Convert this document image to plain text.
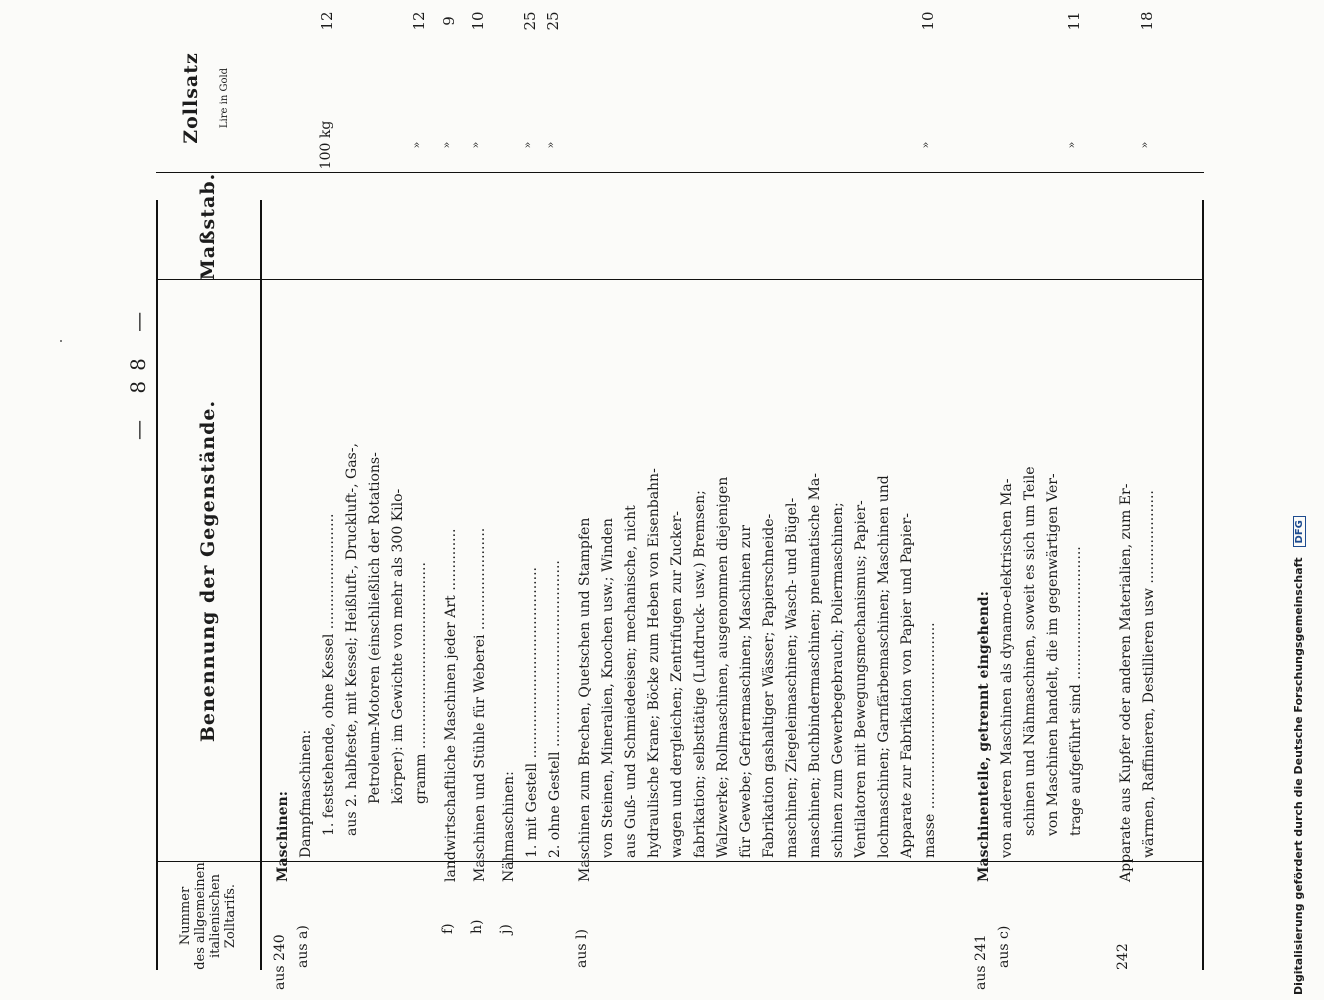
— 88 —
Nummer des allgemeinen italienischen Zolltarifs.
Benennung der Gegenstände.
Maßstab.
Zollsatz Lire in Gold
aus 240
Maschinen:
aus a)
Dampfmaschinen: 1. feststehende, ohne Kessel ..........................
100 kg
12
aus 2. halbfeste, mit Kessel; Heißluft-, Druckluft-, Gas-, Petroleum-Motoren (einschließlich der Rotations- körper): im Gewichte von mehr als 300 Kilo- gramm ..........................................
»
12
f)
landwirtschaftliche Maschinen jeder Art ..............
»
9
h)
Maschinen und Stühle für Weberei .......................
»
10
j)
Nähmaschinen: 1. mit Gestell ...........................................
»
25
2. ohne Gestell ..........................................
»
25
aus l)
Maschinen zum Brechen, Quetschen und Stampfen von Steinen, Mineralien, Knochen usw.; Winden aus Guß- und Schmiedeeisen; mechanische, nicht hydraulische Krane; Böcke zum Heben von Eisenbahn- wagen und dergleichen; Zentrifugen zur Zucker- fabrikation; selbsttätige (Luftdruck- usw.) Bremsen; Walzwerke; Rollmaschinen, ausgenommen diejenigen für Gewebe; Gefriermaschinen; Maschinen zur Fabrikation gashaltiger Wässer; Papierschneide- maschinen; Ziegeleimaschinen; Wasch- und Bügel- maschinen; Buchbindermaschinen; pneumatische Ma- schinen zum Gewerbegebrauch; Poliermaschinen; Ventilatoren mit Bewegungsmechanismus; Papier- lochmaschinen; Garnfärbemaschinen; Maschinen und Apparate zur Fabrikation von Papier und Papier- masse ..........................................
»
10
aus 241
Maschinenteile, getrennt eingehend:
aus c)
von anderen Maschinen als dynamo-elektrischen Ma- schinen und Nähmaschinen, soweit es sich um Teile von Maschinen handelt, die im gegenwärtigen Ver- trage aufgeführt sind ..............................
»
11
242
Apparate aus Kupfer oder anderen Materialien, zum Er- wärmen, Raffinieren, Destillieren usw .....................
»
18
Digitalisierung gefördert durch die Deutsche Forschungsgemeinschaft DFG
